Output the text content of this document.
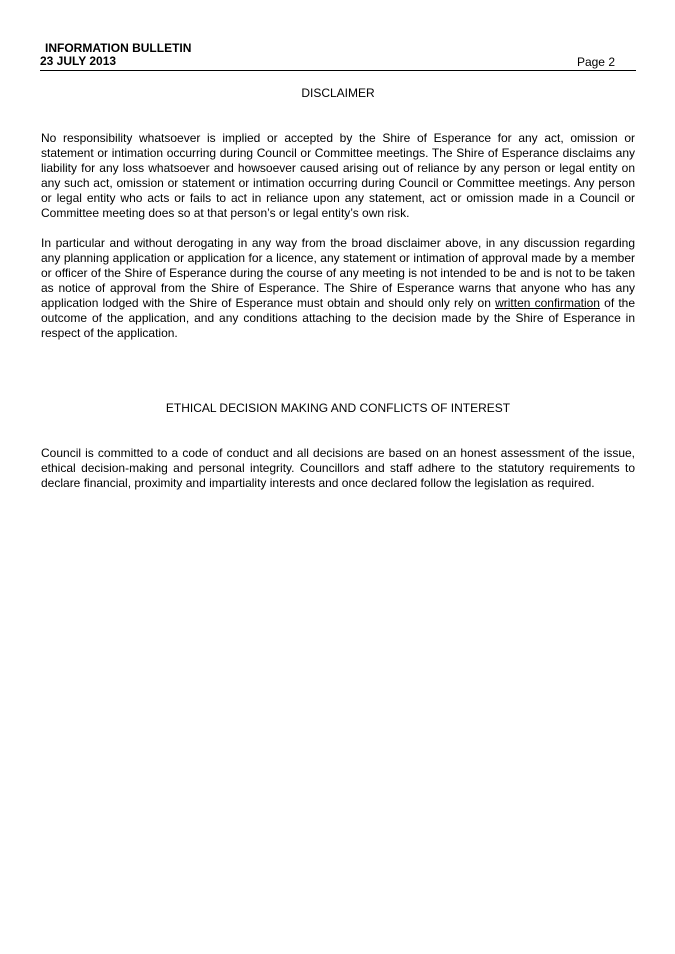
INFORMATION BULLETIN
23 JULY 2013	Page 2
DISCLAIMER

No responsibility whatsoever is implied or accepted by the Shire of Esperance for any act, omission or statement or intimation occurring during Council or Committee meetings. The Shire of Esperance disclaims any liability for any loss whatsoever and howsoever caused arising out of reliance by any person or legal entity on any such act, omission or statement or intimation occurring during Council or Committee meetings. Any person or legal entity who acts or fails to act in reliance upon any statement, act or omission made in a Council or Committee meeting does so at that person’s or legal entity’s own risk.

In particular and without derogating in any way from the broad disclaimer above, in any discussion regarding any planning application or application for a licence, any statement or intimation of approval made by a member or officer of the Shire of Esperance during the course of any meeting is not intended to be and is not to be taken as notice of approval from the Shire of Esperance. The Shire of Esperance warns that anyone who has any application lodged with the Shire of Esperance must obtain and should only rely on written confirmation of the outcome of the application, and any conditions attaching to the decision made by the Shire of Esperance in respect of the application.

ETHICAL DECISION MAKING AND CONFLICTS OF INTEREST

Council is committed to a code of conduct and all decisions are based on an honest assessment of the issue, ethical decision-making and personal integrity. Councillors and staff adhere to the statutory requirements to declare financial, proximity and impartiality interests and once declared follow the legislation as required.
